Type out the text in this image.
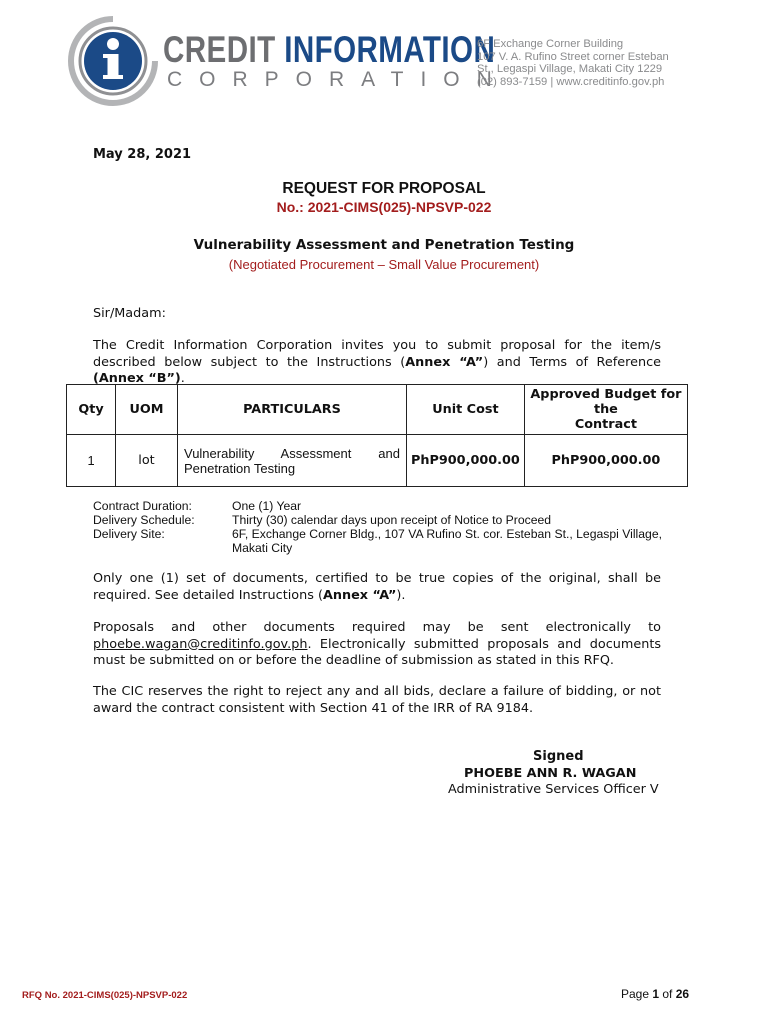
CREDIT INFORMATION
CORPORATION
6F Exchange Corner Building
107 V. A. Rufino Street corner Esteban
St., Legaspi Village, Makati City 1229
(02) 893-7159 | www.creditinfo.gov.ph
May 28, 2021
REQUEST FOR PROPOSAL
No.: 2021-CIMS(025)-NPSVP-022
Vulnerability Assessment and Penetration Testing
(Negotiated Procurement – Small Value Procurement)
Sir/Madam:
The Credit Information Corporation invites you to submit proposal for the item/s described below subject to the Instructions (Annex “A”) and Terms of Reference (Annex “B”).
Qty	UOM	PARTICULARS	Unit Cost	Approved Budget for
the
Contract

1	lot	Vulnerability Assessment and Penetration Testing	PhP900,000.00	PhP900,000.00
Contract Duration:	One (1) Year
Delivery Schedule:	Thirty (30) calendar days upon receipt of Notice to Proceed
Delivery Site:	6F, Exchange Corner Bldg., 107 VA Rufino St. cor. Esteban St., Legaspi Village, Makati City
Only one (1) set of documents, certified to be true copies of the original, shall be required. See detailed Instructions (Annex “A”).
Proposals and other documents required may be sent electronically to phoebe.wagan@creditinfo.gov.ph. Electronically submitted proposals and documents must be submitted on or before the deadline of submission as stated in this RFQ.
The CIC reserves the right to reject any and all bids, declare a failure of bidding, or not award the contract consistent with Section 41 of the IRR of RA 9184.
Signed
PHOEBE ANN R. WAGAN
Administrative Services Officer V
RFQ No. 2021-CIMS(025)-NPSVP-022	Page 1 of 26
